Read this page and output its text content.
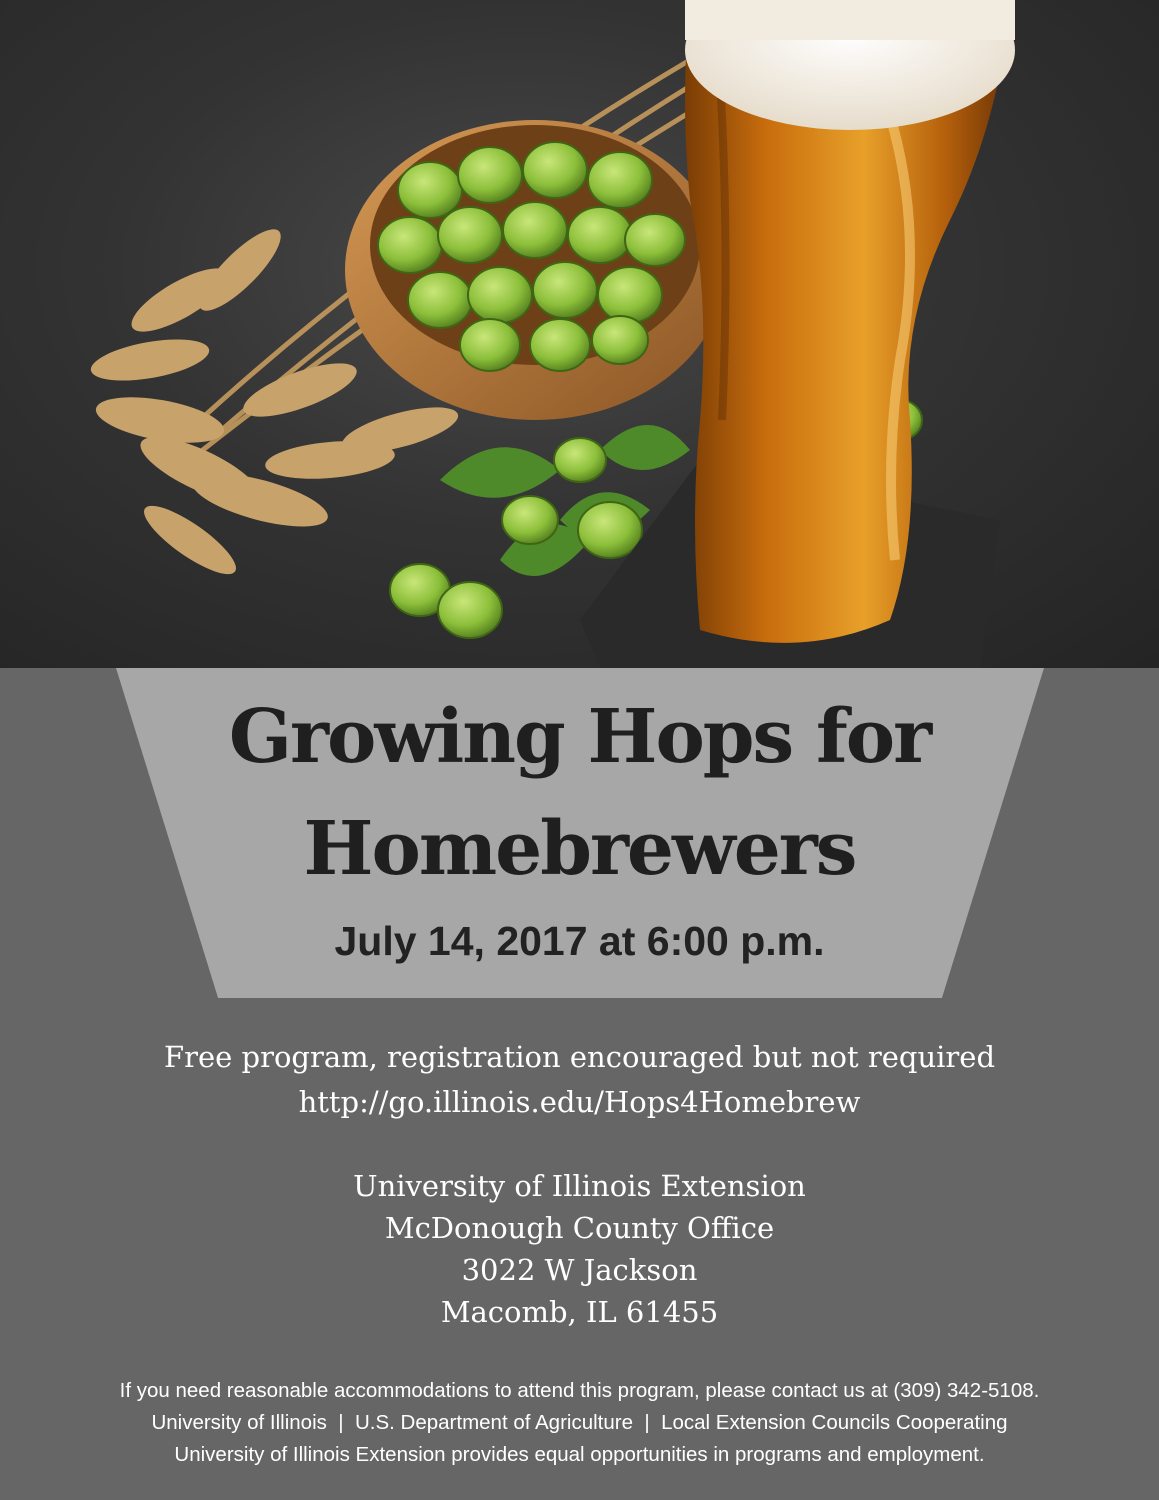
Growing Hops for
Homebrewers
July 14, 2017 at 6:00 p.m.
Free program, registration encouraged but not required
http://go.illinois.edu/Hops4Homebrew
University of Illinois Extension
McDonough County Office
3022 W Jackson
Macomb, IL 61455
If you need reasonable accommodations to attend this program, please contact us at (309) 342-5108.
University of Illinois  |  U.S. Department of Agriculture  |  Local Extension Councils Cooperating
University of Illinois Extension provides equal opportunities in programs and employment.
